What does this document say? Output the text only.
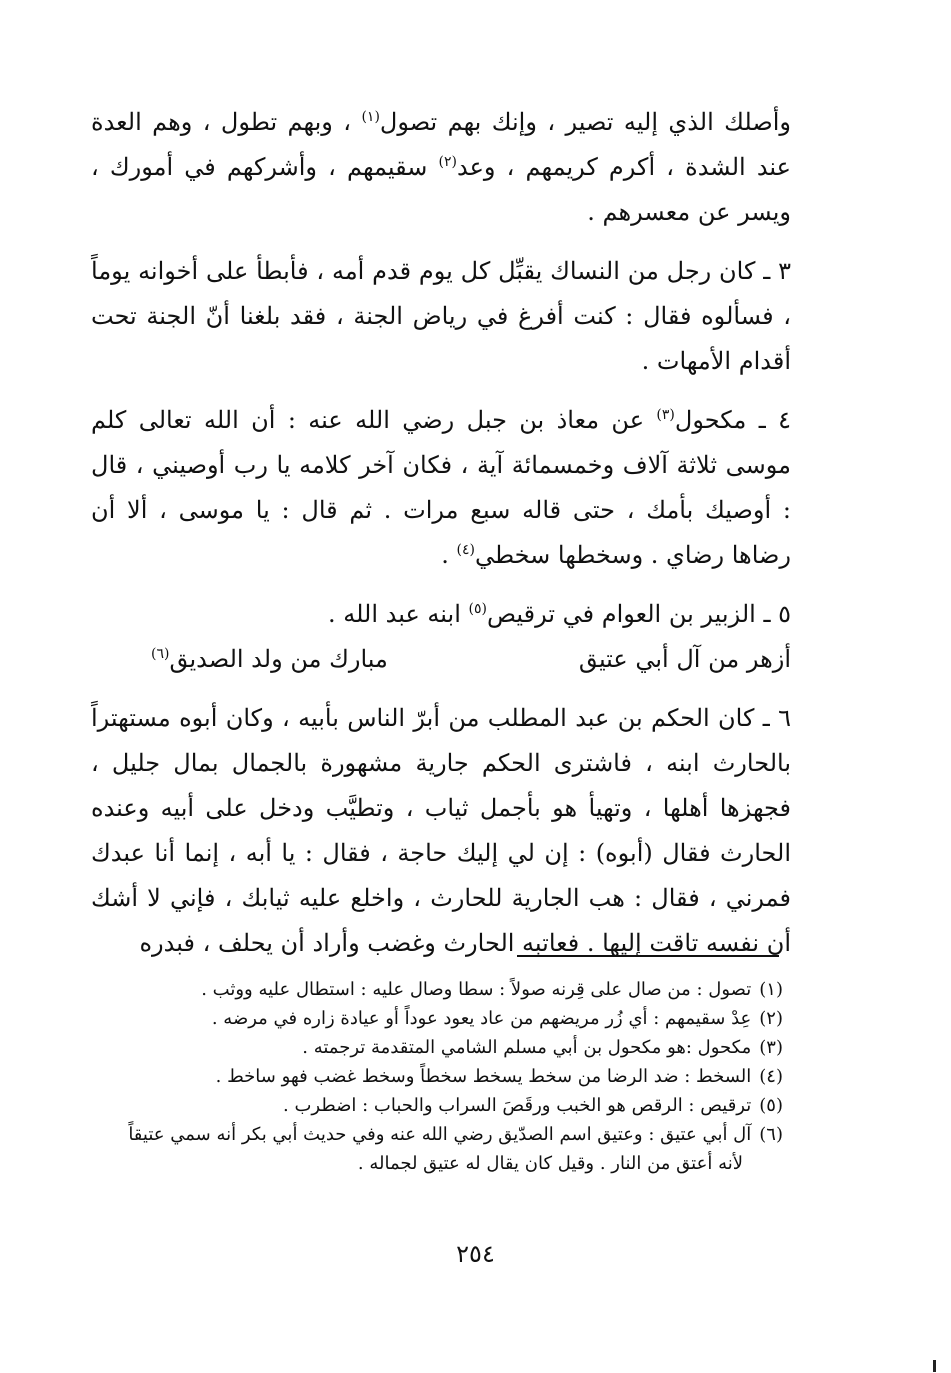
وأصلك الذي إليه تصير ، وإنك بهم تصول$^{(١)}$ ، وبهم تطول ، وهم العدة عند الشدة ، أكرم كريمهم ، وعد$^{(٢)}$ سقيمهم ، وأشركهم في أمورك ، ويسر عن معسرهم .

٣ ـ كان رجل من النساك يقبِّل كل يوم قدم أمه ، فأبطأ على أخوانه يوماً ، فسألوه فقال : كنت أفرغ في رياض الجنة ، فقد بلغنا أنّ الجنة تحت أقدام الأمهات .

٤ ـ مكحول$^{(٣)}$ عن معاذ بن جبل رضي الله عنه : أن الله تعالى كلم موسى ثلاثة آلاف وخمسمائة آية ، فكان آخر كلامه يا رب أوصيني ، قال : أوصيك بأمك ، حتى قاله سبع مرات . ثم قال : يا موسى ، ألا أن رضاها رضاي . وسخطها سخطي$^{(٤)}$ .

٥ ـ الزبير بن العوام في ترقيص$^{(٥)}$ ابنه عبد الله .

أزهر من آل أبي عتيق
مبارك من ولد الصديق$^{(٦)}$

٦ ـ كان الحكم بن عبد المطلب من أبرّ الناس بأبيه ، وكان أبوه مستهتراً بالحارث ابنه ، فاشترى الحكم جارية مشهورة بالجمال بمال جليل ، فجهزها أهلها ، وتهيأ هو بأجمل ثياب ، وتطيَّب ودخل على أبيه وعنده الحارث فقال (أبوه) : إن لي إليك حاجة ، فقال : يا أبه ، إنما أنا عبدك فمرني ، فقال : هب الجارية للحارث ، واخلع عليه ثيابك ، فإني لا أشك أن نفسه تاقت إليها . فعاتبه الحارث وغضب وأراد أن يحلف ، فبدره

(١)تصول : من صال على قِرنه صولاً : سطا وصال عليه : استطال عليه ووثب .

(٢)عِدْ سقيمهم : أي زُر مريضهم من عاد يعود عوداً أو عيادة زاره في مرضه .

(٣)مكحول :هو مكحول بن أبي مسلم الشامي المتقدمة ترجمته .

(٤)السخط : ضد الرضا من سخط يسخط سخطاً وسخط غضب فهو ساخط .

(٥)ترقيص : الرقص هو الخبب ورقَصَ السراب والحباب : اضطرب .

(٦)آل أبي عتيق : وعتيق اسم الصدّيق رضي الله عنه وفي حديث أبي بكر أنه سمي عتيقاً

لأنه أعتق من النار . وقيل كان يقال له عتيق لجماله .

٢٥٤
